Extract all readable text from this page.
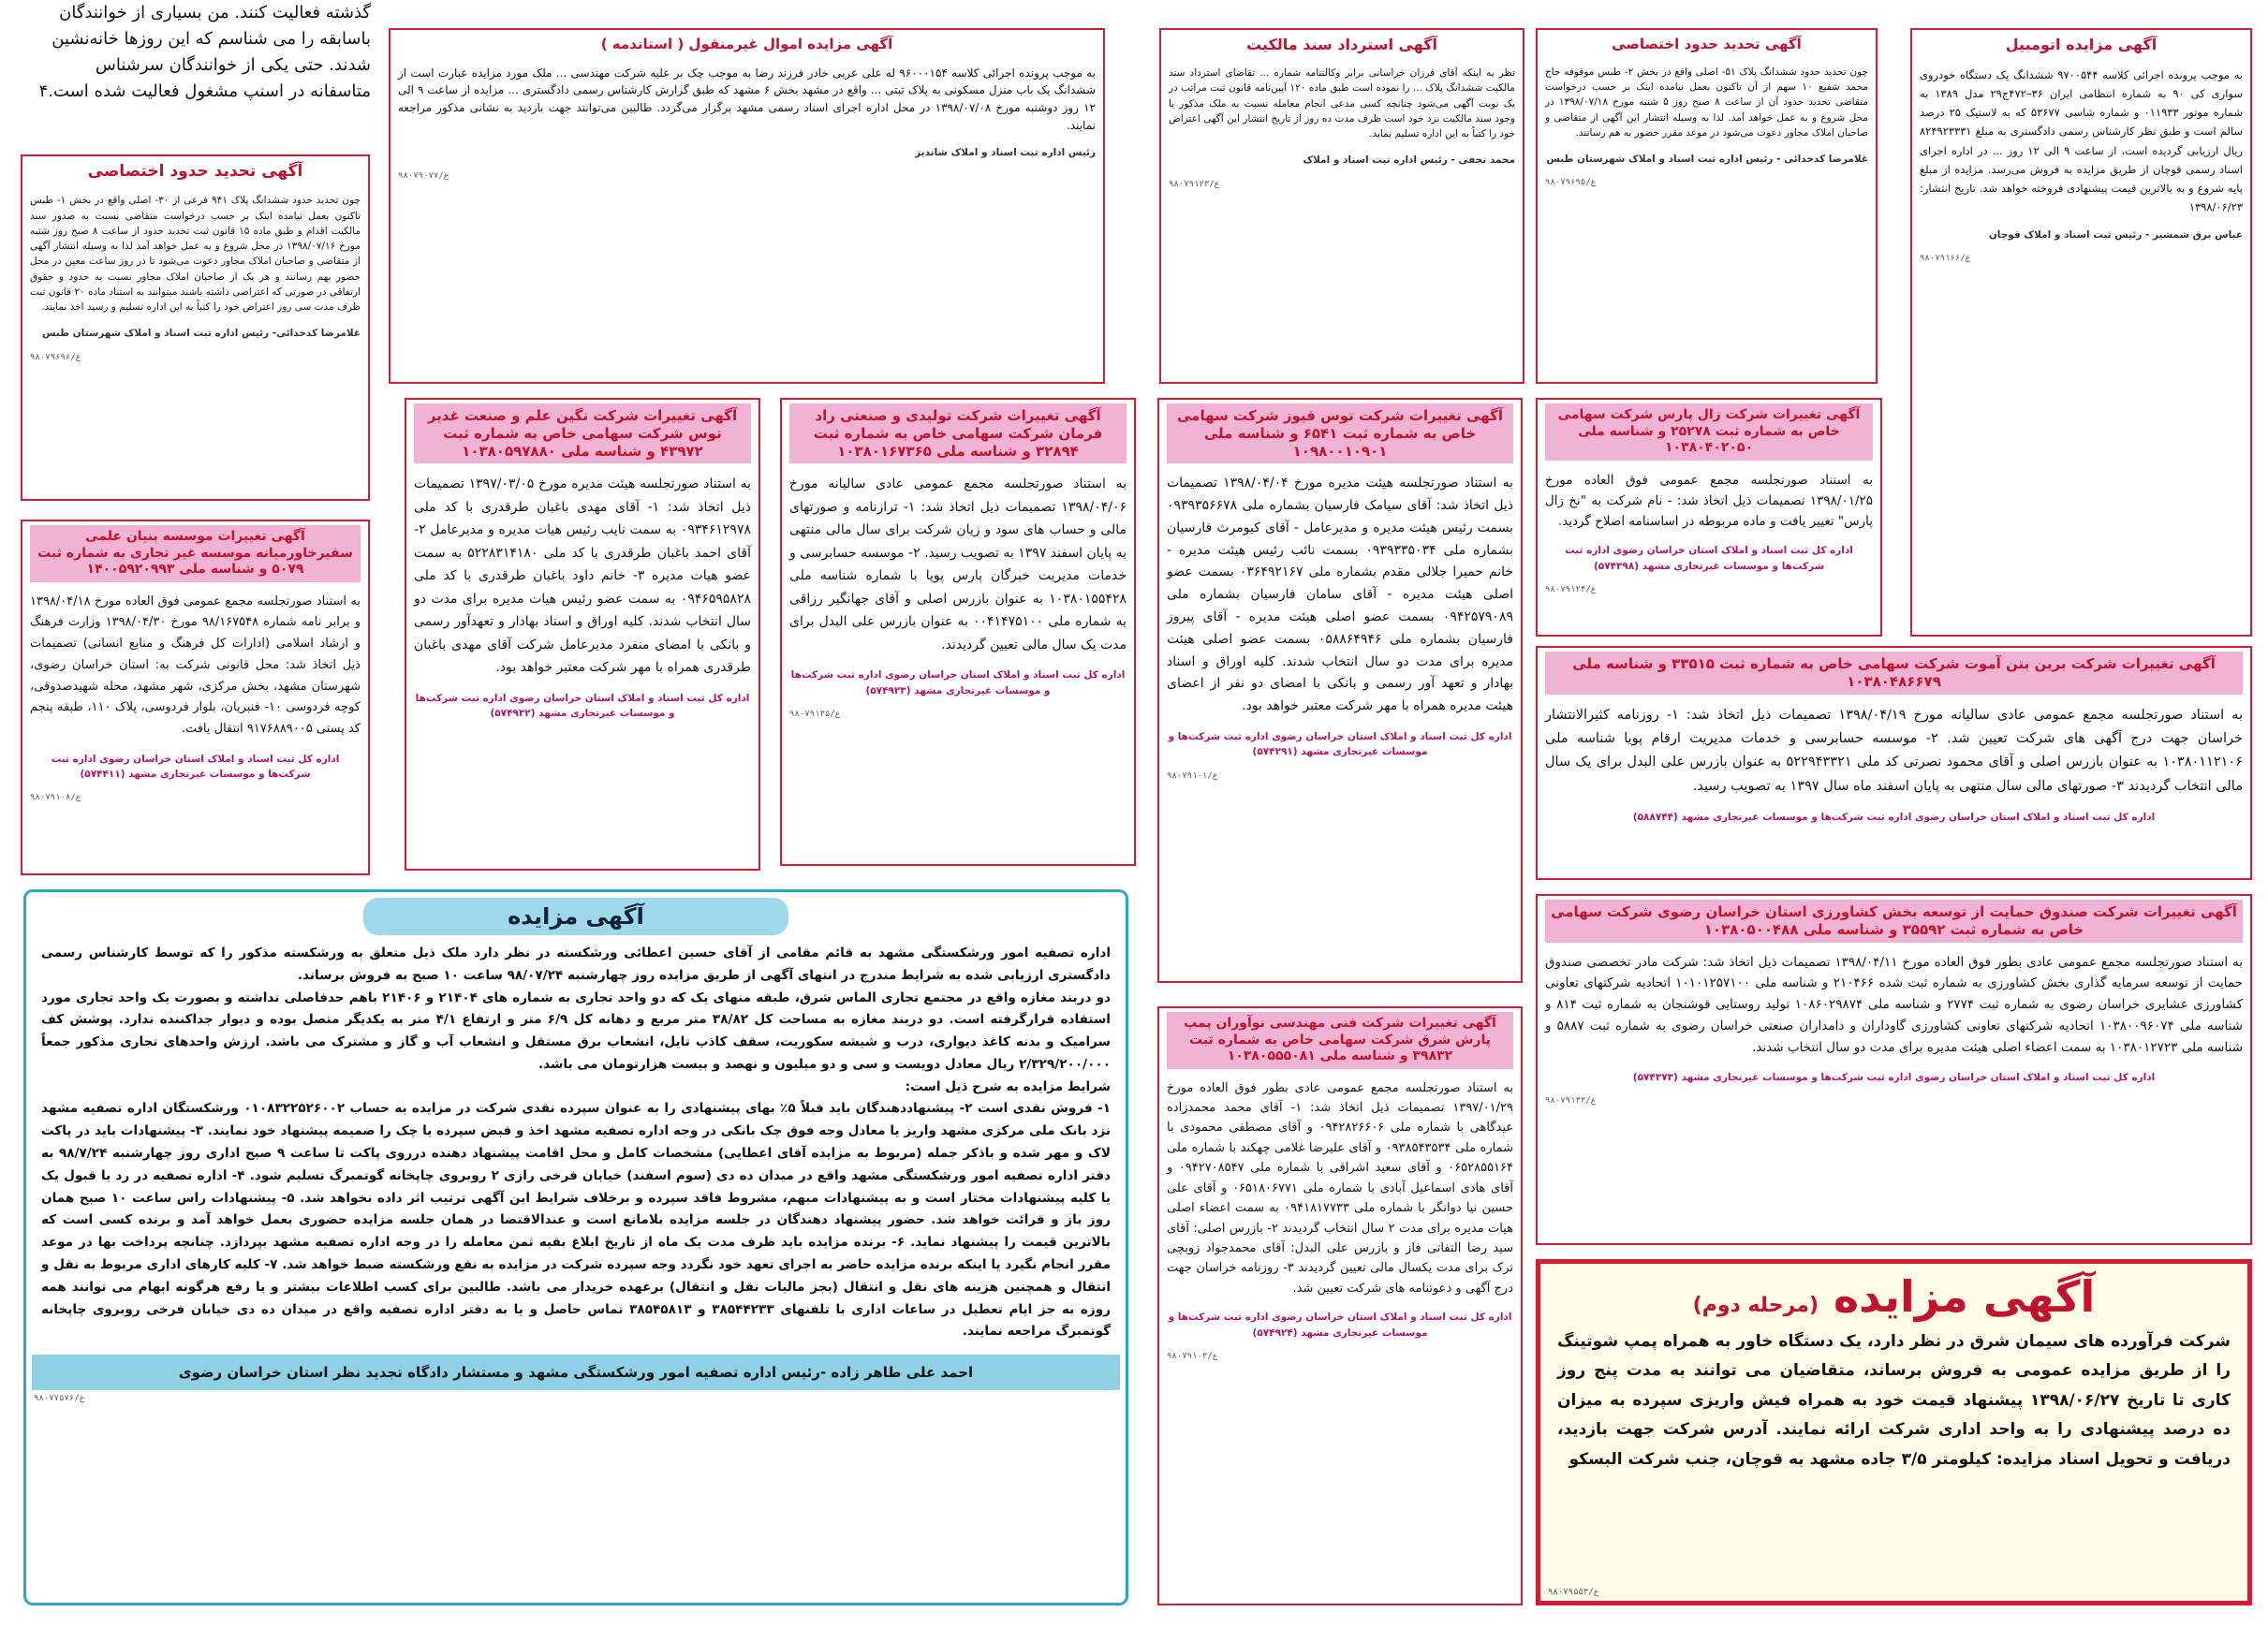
گذشته فعالیت کنند. من بسیاری از خوانندگان
باسابقه را می شناسم که این روزها خانه‌نشین
شدند. حتی یکی از خوانندگان سرشناس
متاسفانه در اسنپ مشغول فعالیت شده است.۴
آگهی تحدید حدود اختصاصی
چون تحدید حدود ششدانگ پلاک ۹۴۱ فرعی از ۳۰- اصلی واقع در بخش ۱- طبس تاکنون بعمل نیامده اینک بر حسب درخواست متقاضی نسبت به صدور سند مالکیت اقدام و طبق ماده ۱۵ قانون ثبت تحدید حدود از ساعت ۸ صبح روز شنبه مورخ ۱۳۹۸/۰۷/۱۶ در محل شروع و به عمل خواهد آمد لذا به وسیله انتشار آگهی از متقاضی و صاحبان املاک مجاور دعوت می‌شود تا در روز ساعت معین در محل حضور بهم رسانند و هر یک از صاحبان املاک مجاور نسبت به حدود و حقوق ارتفاقی در صورتی که اعتراضی داشته باشند میتوانند به استناد ماده ۲۰ قانون ثبت ظرف مدت سی روز اعتراض خود را کتباً به این اداره تسلیم و رسید اخذ نمایند.
غلامرضا کدخدائی- رئیس اداره ثبت اسناد و املاک شهرستان طبس
ع/۹۸۰۷۹۶۹۶
آگهی مزایده اموال غیرمنقول ( استاندمه )
به موجب پرونده اجرائی کلاسه ۹۶۰۰۰۱۵۴ له علی عربی خادر فرزند رضا به موجب چک بر علیه شرکت مهندسی ... ملک مورد مزایده عبارت است از ششدانگ یک باب منزل مسکونی به پلاک ثبتی ... واقع در مشهد بخش ۶ مشهد که طبق گزارش کارشناس رسمی دادگستری ... مزایده از ساعت ۹ الی ۱۲ روز دوشنبه مورخ ۱۳۹۸/۰۷/۰۸ در محل اداره اجرای اسناد رسمی مشهد برگزار می‌گردد. طالبین می‌توانند جهت بازدید به نشانی مذکور مراجعه نمایند.
رئیس اداره ثبت اسناد و املاک شاندیز
ع/۹۸۰۷۹۰۷۷
آگهی استرداد سند مالکیت
نظر به اینکه آقای فرزان خراسانی برابر وکالتنامه شماره ... تقاضای استرداد سند مالکیت ششدانگ پلاک ... را نموده است طبق ماده ۱۲۰ آیین‌نامه قانون ثبت مراتب در یک نوبت آگهی می‌شود چنانچه کسی مدعی انجام معامله نسبت به ملک مذکور یا وجود سند مالکیت نزد خود است ظرف مدت ده روز از تاریخ انتشار این آگهی اعتراض خود را کتباً به این اداره تسلیم نماید.
محمد نجفی - رئیس اداره ثبت اسناد و املاک
ع/۹۸۰۷۹۱۲۳
آگهی تحدید حدود اختصاصی
چون تحدید حدود ششدانگ پلاک ۵۱- اصلی واقع در بخش ۲- طبس موقوفه حاج محمد شفیع ۱۰ سهم از آن تاکنون بعمل نیامده اینک بر حسب درخواست متقاضی تحدید حدود آن از ساعت ۸ صبح روز ۵ شنبه مورخ ۱۳۹۸/۰۷/۱۸ در محل شروع و به عمل خواهد آمد. لذا به وسیله انتشار این آگهی از متقاضی و صاحبان املاک مجاور دعوت می‌شود در موعد مقرر حضور به هم رسانند.
غلامرضا کدخدائی - رئیس اداره ثبت اسناد و املاک شهرستان طبس
ع/۹۸۰۷۹۶۹۵
آگهی مزایده اتومبیل
به موجب پرونده اجرائی کلاسه ۹۷۰۰۵۴۴ ششدانگ یک دستگاه خودروی سواری کی ۹۰ به شماره انتظامی ایران ۳۶–۴۷۲ج۲۹ مدل ۱۳۸۹ به شماره موتور ۰۱۱۹۳۳ و شماره شاسی ۵۳۶۷۷ که به لاستیک ۲۵ درصد سالم است و طبق نظر کارشناس رسمی دادگستری به مبلغ ۸۲۴۹۲۳۳۳۱ ریال ارزیابی گردیده است، از ساعت ۹ الی ۱۲ روز ... در اداره اجرای اسناد رسمی قوچان از طریق مزایده به فروش می‌رسد. مزایده از مبلغ پایه شروع و به بالاترین قیمت پیشنهادی فروخته خواهد شد. تاریخ انتشار: ۱۳۹۸/۰۶/۲۳
عباس برق شمشیر - رئیس ثبت اسناد و املاک قوچان
ع/۹۸۰۷۹۱۶۶
آگهی تغییرات موسسه بنیان علمی سفیرخاورمیانه موسسه غیر تجاری به شماره ثبت ۵۰۷۹ و شناسه ملی ۱۴۰۰۵۹۲۰۹۹۳
به استناد صورتجلسه مجمع عمومی فوق العاده مورخ ۱۳۹۸/۰۴/۱۸ و برابر نامه شماره ۹۸/۱۶۷۵۴۸ مورخ ۱۳۹۸/۰۴/۳۰ وزارت فرهنگ و ارشاد اسلامی (ادارات کل فرهنگ و منابع انسانی) تصمیمات ذیل اتخاذ شد: محل قانونی شرکت به: استان خراسان رضوی، شهرستان مشهد، بخش مرکزی، شهر مشهد، محله شهیدصدوقی، کوچه فردوسی ۱۰- فنبریان، بلوار فردوسی، پلاک ۱۱۰، طبقه پنجم کد پستی ۹۱۷۶۸۸۹۰۰۵ انتقال یافت.
اداره کل ثبت اسناد و املاک استان خراسان رضوی اداره ثبت شرکت‌ها و موسسات غیرتجاری مشهد (۵۷۴۴۱۱)
ع/۹۸۰۷۹۱۰۸
آگهی تغییرات شرکت نگین علم و صنعت غدیر توس شرکت سهامی خاص به شماره ثبت ۴۳۹۷۲ و شناسه ملی ۱۰۳۸۰۵۹۷۸۸۰
به استناد صورتجلسه هیئت مدیره مورخ ۱۳۹۷/۰۳/۰۵ تصمیمات ذیل اتخاذ شد: ۱- آقای مهدی باغبان طرقدری با کد ملی ۰۹۳۴۶۱۲۹۷۸ به سمت نایب رئیس هیات مدیره و مدیرعامل ۲- آقای احمد باغبان طرقدری با کد ملی ۵۲۲۸۳۱۴۱۸۰ به سمت عضو هیات مدیره ۳- خانم داود باغبان طرقدری با کد ملی ۰۹۴۶۵۹۵۸۲۸ به سمت عضو رئیس هیات مدیره برای مدت دو سال انتخاب شدند. کلیه اوراق و اسناد بهادار و تعهدآور رسمی و بانکی با امضای منفرد مدیرعامل شرکت آقای مهدی باغبان طرقدری همراه با مهر شرکت معتبر خواهد بود.
اداره کل ثبت اسناد و املاک استان خراسان رضوی اداره ثبت شرکت‌ها و موسسات غیرتجاری مشهد (۵۷۴۹۳۲)
آگهی تغییرات شرکت تولیدی و صنعتی راد فرمان شرکت سهامی خاص به شماره ثبت ۳۲۸۹۴ و شناسه ملی ۱۰۳۸۰۱۶۷۳۶۵
به استناد صورتجلسه مجمع عمومی عادی سالیانه مورخ ۱۳۹۸/۰۴/۰۶ تصمیمات ذیل اتخاذ شد: ۱- ترازنامه و صورتهای مالی و حساب های سود و زیان شرکت برای سال مالی منتهی به پایان اسفند ۱۳۹۷ به تصویب رسید. ۲- موسسه حسابرسی و خدمات مدیریت خبرگان پارس پویا با شماره شناسه ملی ۱۰۳۸۰۱۵۵۴۲۸ به عنوان بازرس اصلی و آقای جهانگیر رزاقی به شماره ملی ۰۰۴۱۴۷۵۱۰۰ به عنوان بازرس علی البدل برای مدت یک سال مالی تعیین گردیدند.
اداره کل ثبت اسناد و املاک استان خراسان رضوی اداره ثبت شرکت‌ها و موسسات غیرتجاری مشهد (۵۷۴۹۲۳)
ع/۹۸۰۷۹۱۳۵
آگهی تغییرات شرکت توس فیوز شرکت سهامی خاص به شماره ثبت ۶۵۴۱ و شناسه ملی ۱۰۹۸۰۰۱۰۹۰۱
به استناد صورتجلسه هیئت مدیره مورخ ۱۳۹۸/۰۴/۰۴ تصمیمات ذیل اتخاذ شد: آقای سیامک فارسیان بشماره ملی ۰۹۳۹۳۵۶۶۷۸ بسمت رئیس هیئت مدیره و مدیرعامل - آقای کیومرث فارسیان بشماره ملی ۰۹۳۹۳۳۵۰۳۴ بسمت نائب رئیس هیئت مدیره - خانم حمیرا جلالی مقدم بشماره ملی ۰۳۶۴۹۲۱۶۷ بسمت عضو اصلی هیئت مدیره - آقای سامان فارسیان بشماره ملی ۰۹۴۲۵۷۹۰۸۹ بسمت عضو اصلی هیئت مدیره - آقای پیروز فارسیان بشماره ملی ۰۵۸۸۶۴۹۴۶ بسمت عضو اصلی هیئت مدیره برای مدت دو سال انتخاب شدند. کلیه اوراق و اسناد بهادار و تعهد آور رسمی و بانکی با امضای دو نفر از اعضای هیئت مدیره همراه با مهر شرکت معتبر خواهد بود.
اداره کل ثبت اسناد و املاک استان خراسان رضوی اداره ثبت شرکت‌ها و موسسات غیرتجاری مشهد (۵۷۴۲۹۱)
ع/۹۸۰۷۹۱۰۱
آگهی تغییرات شرکت زال پارس شرکت سهامی خاص به شماره ثبت ۲۵۲۷۸ و شناسه ملی ۱۰۳۸۰۴۰۲۰۵۰
به استناد صورتجلسه مجمع عمومی فوق العاده مورخ ۱۳۹۸/۰۱/۲۵ تصمیمات ذیل اتخاذ شد: - نام شرکت به "نخ زال پارس" تغییر یافت و ماده مربوطه در اساسنامه اصلاح گردید.
اداره کل ثبت اسناد و املاک استان خراسان رضوی اداره ثبت شرکت‌ها و موسسات غیرتجاری مشهد (۵۷۴۳۹۸)
ع/۹۸۰۷۹۱۲۴
آگهی تغییرات شرکت برین بتن آموت شرکت سهامی خاص به شماره ثبت ۳۳۵۱۵ و شناسه ملی ۱۰۳۸۰۴۸۶۶۷۹
به استناد صورتجلسه مجمع عمومی عادی سالیانه مورخ ۱۳۹۸/۰۴/۱۹ تصمیمات ذیل اتخاذ شد: ۱- روزنامه کثیرالانتشار خراسان جهت درج آگهی های شرکت تعیین شد. ۲- موسسه حسابرسی و خدمات مدیریت ارقام پویا شناسه ملی ۱۰۳۸۰۱۱۲۱۰۶ به عنوان بازرس اصلی و آقای محمود نصرتی کد ملی ۵۲۲۹۴۳۳۲۱ به عنوان بازرس علی البدل برای یک سال مالی انتخاب گردیدند ۳- صورتهای مالی سال منتهی به پایان اسفند ماه سال ۱۳۹۷ به تصویب رسید.
اداره کل ثبت اسناد و املاک استان خراسان رضوی اداره ثبت شرکت‌ها و موسسات غیرتجاری مشهد (۵۸۸۷۴۴)
آگهی تغییرات شرکت صندوق حمایت از توسعه بخش کشاورزی استان خراسان رضوی شرکت سهامی خاص به شماره ثبت ۳۵۵۹۲ و شناسه ملی ۱۰۳۸۰۵۰۰۴۸۸
به استناد صورتجلسه مجمع عمومی عادی بطور فوق العاده مورخ ۱۳۹۸/۰۴/۱۱ تصمیمات ذیل اتخاذ شد: شرکت مادر تخصصی صندوق حمایت از توسعه سرمایه گذاری بخش کشاورزی به شماره ثبت شده ۲۱۰۴۶۶ و شناسه ملی ۱۰۱۰۱۲۵۷۱۰۰ اتحادیه شرکتهای تعاونی کشاورزی عشایری خراسان رضوی به شماره ثبت ۲۷۷۴ و شناسه ملی ۱۰۸۶۰۲۹۸۷۴ تولید روستایی قوشنجان به شماره ثبت ۸۱۴ و شناسه ملی ۱۰۳۸۰۰۹۶۰۷۴ اتحادیه شرکتهای تعاونی کشاورزی گاوداران و دامداران صنعتی خراسان رضوی به شماره ثبت ۵۸۸۷ و شناسه ملی ۱۰۳۸۰۱۲۷۲۳ به سمت اعضاء اصلی هیئت مدیره برای مدت دو سال انتخاب شدند.
اداره کل ثبت اسناد و املاک استان خراسان رضوی اداره ثبت شرکت‌ها و موسسات غیرتجاری مشهد (۵۷۴۳۷۳)
ع/۹۸۰۷۹۱۳۳
آگهی تغییرات شرکت فنی مهندسی نوآوران پمپ پارش شرق شرکت سهامی خاص به شماره ثبت ۳۹۸۳۲ و شناسه ملی ۱۰۳۸۰۵۵۵۰۸۱
به استناد صورتجلسه مجمع عمومی عادی بطور فوق العاده مورخ ۱۳۹۷/۰۱/۲۹ تصمیمات ذیل اتخاذ شد: ۱- آقای محمد محمدزاده عیدگاهی با شماره ملی ۰۹۴۲۸۲۶۶۰۶ و آقای مصطفی محمودی با شماره ملی ۰۹۳۸۵۴۳۵۳۴ و آقای علیرضا غلامی چهکند با شماره ملی ۰۶۵۲۸۵۵۱۶۴ و آقای سعید اشراقی با شماره ملی ۰۹۴۲۷۰۸۵۴۷ و آقای هادی اسماعیل آبادی با شماره ملی ۰۶۵۱۸۰۶۷۷۱ و آقای علی حسین نیا دوانگر با شماره ملی ۰۹۴۱۸۱۷۷۳۳ به سمت اعضاء اصلی هیات مدیره برای مدت ۲ سال انتخاب گردیدند ۲- بازرس اصلی: آقای سید رضا التفاتی فاز و بازرس علی البدل: آقای محمدجواد زوبچی ترک برای مدت یکسال مالی تعیین گردیدند ۳- روزنامه خراسان جهت درج آگهی و دعوتنامه های شرکت تعیین شد.
اداره کل ثبت اسناد و املاک استان خراسان رضوی اداره ثبت شرکت‌ها و موسسات غیرتجاری مشهد (۵۷۴۹۲۴)
ع/۹۸۰۷۹۱۰۳
آگهی مزایده
اداره تصفیه امور ورشکستگی مشهد به قائم مقامی از آقای حسین اعطائی ورشکسته در نظر دارد ملک ذیل متعلق به ورشکسته مذکور را که توسط کارشناس رسمی دادگستری ارزیابی شده به شرایط مندرج در انتهای آگهی از طریق مزایده روز چهارشنبه ۹۸/۰۷/۲۴ ساعت ۱۰ صبح به فروش برساند.
دو دربند مغازه واقع در مجتمع تجاری الماس شرق، طبقه منهای یک که دو واحد تجاری به شماره های ۲۱۴۰۴ و ۲۱۴۰۶ باهم حدفاصلی نداشته و بصورت یک واحد تجاری مورد استفاده قرارگرفته است. دو دربند مغازه به مساحت کل ۳۸/۸۲ متر مربع و دهانه کل ۶/۹ متر و ارتفاع ۴/۱ متر به یکدیگر متصل بوده و دیوار جداکننده ندارد. پوشش کف سرامیک و بدنه کاغذ دیواری، درب و شیشه سکوریت، سقف کاذب تایل، انشعاب برق مستقل و انشعاب آب و گاز و مشترک می باشد. ارزش واحدهای تجاری مذکور جمعاً ۲/۳۲۹/۲۰۰/۰۰۰ ریال معادل دویست و سی و دو میلیون و نهصد و بیست هزارتومان می باشد.
شرایط مزایده به شرح ذیل است:
۱- فروش نقدی است ۲- پیشنهاددهندگان باید قبلاً ۵٪ بهای پیشنهادی را به عنوان سپرده نقدی شرکت در مزایده به حساب ۰۱۰۸۳۲۲۵۲۶۰۰۲ ورشکستگان اداره تصفیه مشهد نزد بانک ملی مرکزی مشهد واریز یا معادل وجه فوق چک بانکی در وجه اداره تصفیه مشهد اخذ و قبض سپرده یا چک را ضمیمه پیشنهاد خود نمایند. ۳- پیشنهادات باید در پاکت لاک و مهر شده و باذکر جمله (مربوط به مزایده آقای اعطایی) مشخصات کامل و محل اقامت پیشنهاد دهنده درروی پاکت تا ساعت ۹ صبح ادارى روز چهارشنبه ۹۸/۷/۲۴ به دفتر اداره تصفیه امور ورشکستگی مشهد واقع در میدان ده دی (سوم اسفند) خیابان فرخی رازی ۲ روبروی چاپخانه گوتمبرگ تسلیم شود. ۴- اداره تصفیه در رد یا قبول یک یا کلیه پیشنهادات مختار است و به پیشنهادات مبهم، مشروط فاقد سپرده و برخلاف شرایط این آگهی ترتیب اثر داده نخواهد شد. ۵- پیشنهادات راس ساعت ۱۰ صبح همان روز باز و قرائت خواهد شد. حضور پیشنهاد دهندگان در جلسه مزایده بلامانع است و عندالاقتضا در همان جلسه مزایده حضوری بعمل خواهد آمد و برنده کسی است که بالاترین قیمت را پیشنهاد نماید. ۶- برنده مزایده باید ظرف مدت یک ماه از تاریخ ابلاغ بقیه ثمن معامله را در وجه اداره تصفیه مشهد بپردازد. چنانچه پرداخت بها در موعد مقرر انجام نگیرد یا اینکه برنده مزایده حاضر به اجرای تعهد خود نگردد وجه سپرده شرکت در مزایده به نفع ورشکسته ضبط خواهد شد. ۷- کلیه کارهای اداری مربوط به نقل و انتقال و همچنین هزینه های نقل و انتقال (بجز مالیات نقل و انتقال) برعهده خریدار می باشد. طالبین برای کسب اطلاعات بیشتر و یا رفع هرگونه ابهام می توانند همه روزه به جز ایام تعطیل در ساعات اداری با تلفنهای ۳۸۵۴۴۲۳۳ و ۳۸۵۴۵۸۱۳ تماس حاصل و یا به دفتر اداره تصفیه واقع در میدان ده دی خیابان فرخی روبروی چاپخانه گوتمبرگ مراجعه نمایند.
احمد علی طاهر زاده -رئیس اداره تصفیه امور ورشکستگی مشهد و مستشار دادگاه تجدید نظر استان خراسان رضوی
ع/۹۸۰۷۷۵۷۶
آگهی مزایده (مرحله دوم)
شرکت فرآورده های سیمان شرق در نظر دارد، یک دستگاه خاور به همراه پمپ شوتینگ را از طریق مزایده عمومی به فروش برساند، متقاضیان می توانند به مدت پنج روز کاری تا تاریخ ۱۳۹۸/۰۶/۲۷ پیشنهاد قیمت خود به همراه فیش واریزی سپرده به میزان ده درصد پیشنهادی را به واحد اداری شرکت ارائه نمایند. آدرس شرکت جهت بازدید، دریافت و تحویل اسناد مزایده: کیلومتر ۳/۵ جاده مشهد به قوچان، جنب شرکت البسکو
ع/۹۸۰۷۹۵۵۳
